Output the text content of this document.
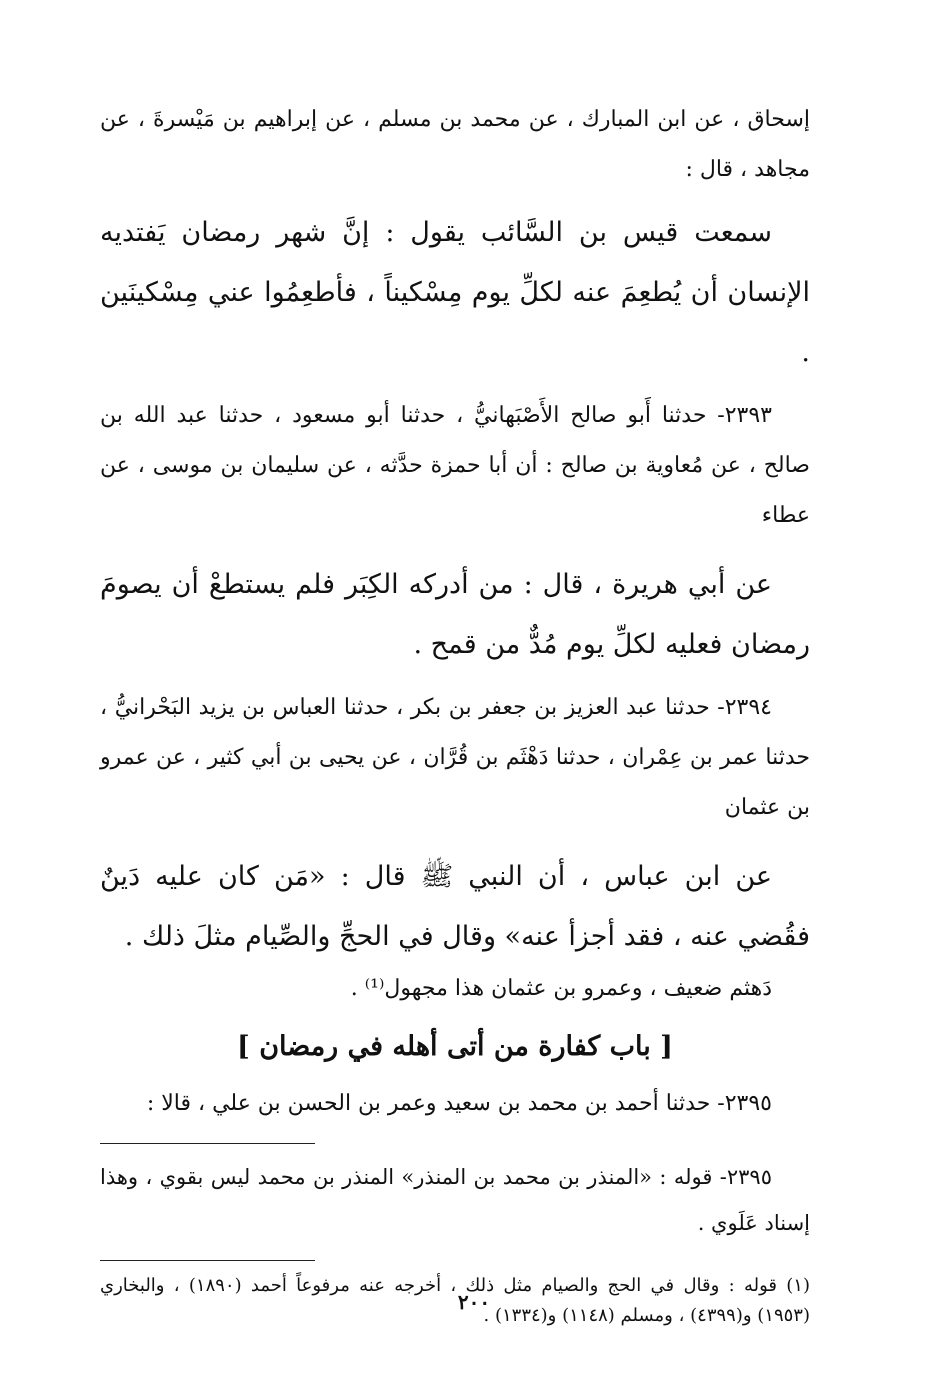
إسحاق ، عن ابن المبارك ، عن محمد بن مسلم ، عن إبراهيم بن مَيْسرةَ ، عن مجاهد ، قال :

سمعت قيس بن السَّائب يقول : إنَّ شهر رمضان يَفتديه الإنسان أن يُطعِمَ عنه لكلِّ يوم مِسْكيناً ، فأطعِمُوا عني مِسْكينَين .

٢٣٩٣- حدثنا أَبو صالح الأَصْبَهانيُّ ، حدثنا أبو مسعود ، حدثنا عبد الله بن صالح ، عن مُعاوية بن صالح : أن أبا حمزة حدَّثه ، عن سليمان بن موسى ، عن عطاء

عن أبي هريرة ، قال : من أدركه الكِبَر فلم يستطعْ أن يصومَ رمضان فعليه لكلِّ يوم مُدٌّ من قمح .

٢٣٩٤- حدثنا عبد العزيز بن جعفر بن بكر ، حدثنا العباس بن يزيد البَحْرانيُّ ، حدثنا عمر بن عِمْران ، حدثنا دَهْثَم بن قُرَّان ، عن يحيى بن أبي كثير ، عن عمرو بن عثمان

عن ابن عباس ، أن النبي ﷺ قال : «مَن كان عليه دَينٌ فقُضي عنه ، فقد أجزأ عنه» وقال في الحجِّ والصِّيام مثلَ ذلك .

دَهثم ضعيف ، وعمرو بن عثمان هذا مجهول⁽¹⁾ .

[ باب كفارة من أتى أهله في رمضان ]

٢٣٩٥- حدثنا أحمد بن محمد بن سعيد وعمر بن الحسن بن علي ، قالا :

٢٣٩٥- قوله : «المنذر بن محمد بن المنذر» المنذر بن محمد ليس بقوي ، وهذا إسناد عَلَوي .

(١) قوله : وقال في الحج والصيام مثل ذلك ، أخرجه عنه مرفوعاً أحمد (١٨٩٠) ، والبخاري (١٩٥٣) و(٤٣٩٩) ، ومسلم (١١٤٨) و(١٣٣٤) .

٢٠٠
